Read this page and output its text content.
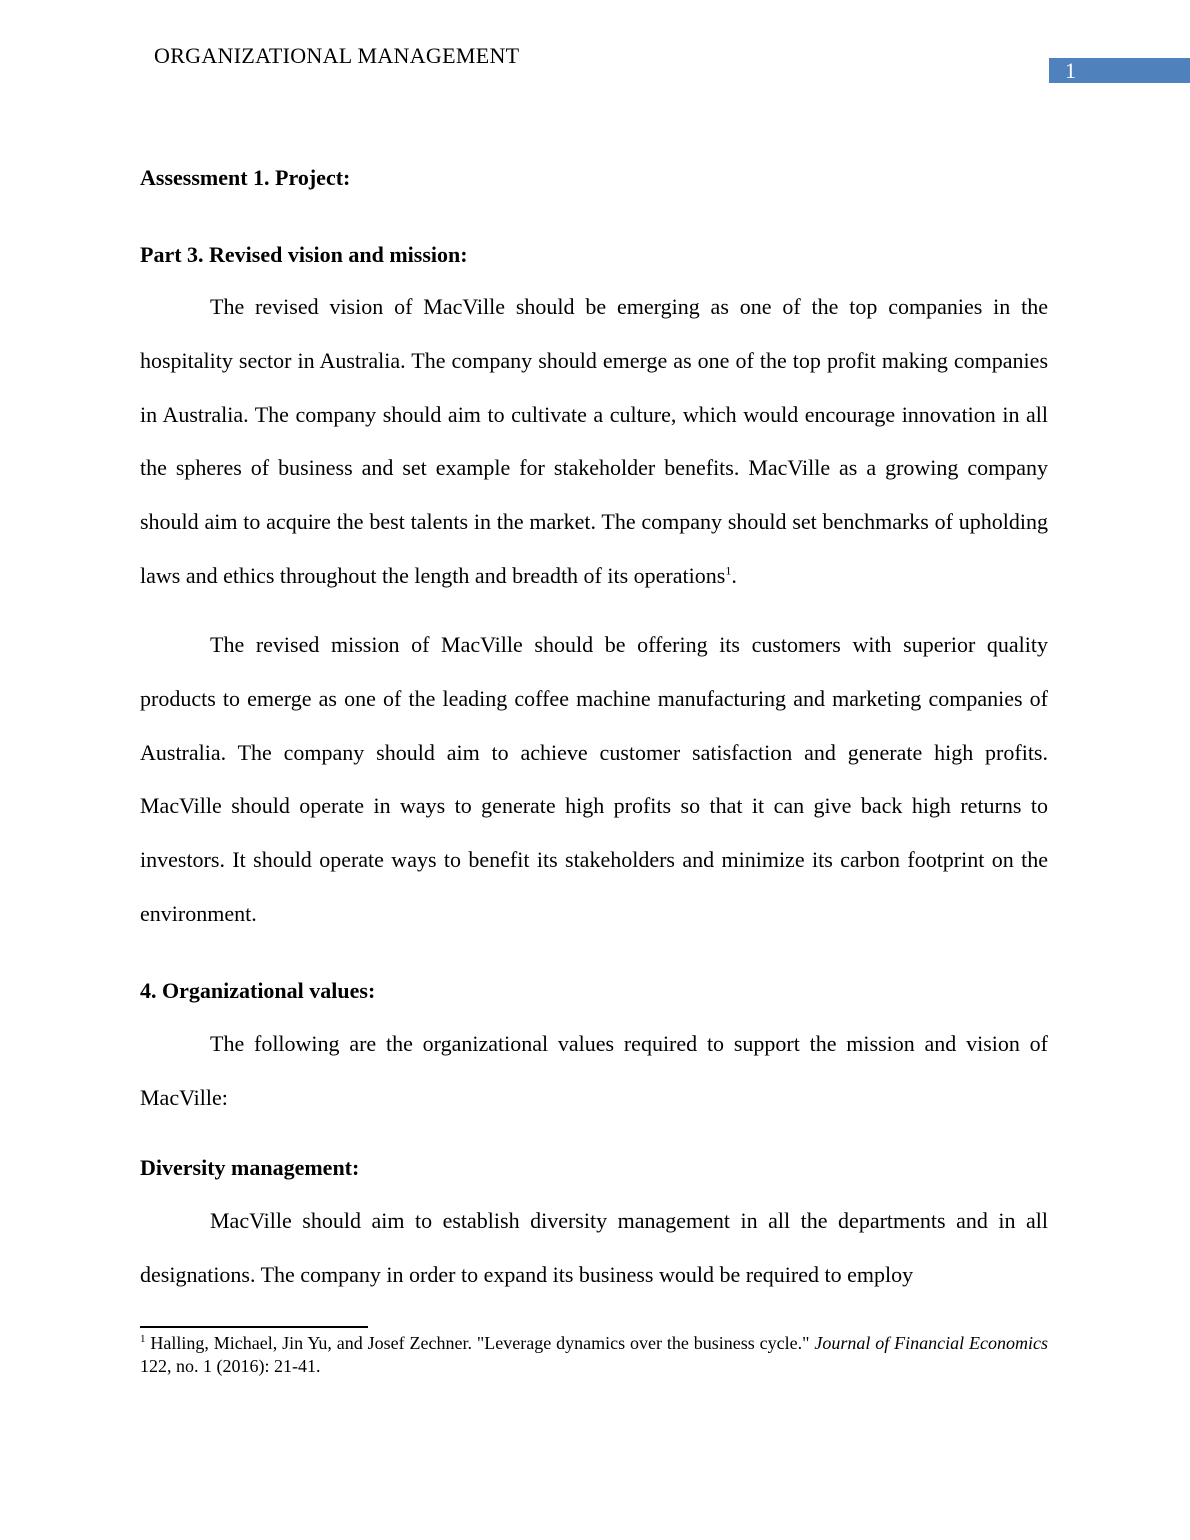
ORGANIZATIONAL MANAGEMENT
1
Assessment 1. Project:
Part 3. Revised vision and mission:

The revised vision of MacVille should be emerging as one of the top companies in the hospitality sector in Australia. The company should emerge as one of the top profit making companies in Australia. The company should aim to cultivate a culture, which would encourage innovation in all the spheres of business and set example for stakeholder benefits. MacVille as a growing company should aim to acquire the best talents in the market. The company should set benchmarks of upholding laws and ethics throughout the length and breadth of its operations$^1$.

The revised mission of MacVille should be offering its customers with superior quality products to emerge as one of the leading coffee machine manufacturing and marketing companies of Australia. The company should aim to achieve customer satisfaction and generate high profits. MacVille should operate in ways to generate high profits so that it can give back high returns to investors. It should operate ways to benefit its stakeholders and minimize its carbon footprint on the environment.

4. Organizational values:

The following are the organizational values required to support the mission and vision of MacVille:

Diversity management:

MacVille should aim to establish diversity management in all the departments and in all designations. The company in order to expand its business would be required to employ

$^1$ Halling, Michael, Jin Yu, and Josef Zechner. "Leverage dynamics over the business cycle." Journal of Financial Economics 122, no. 1 (2016): 21-41.
